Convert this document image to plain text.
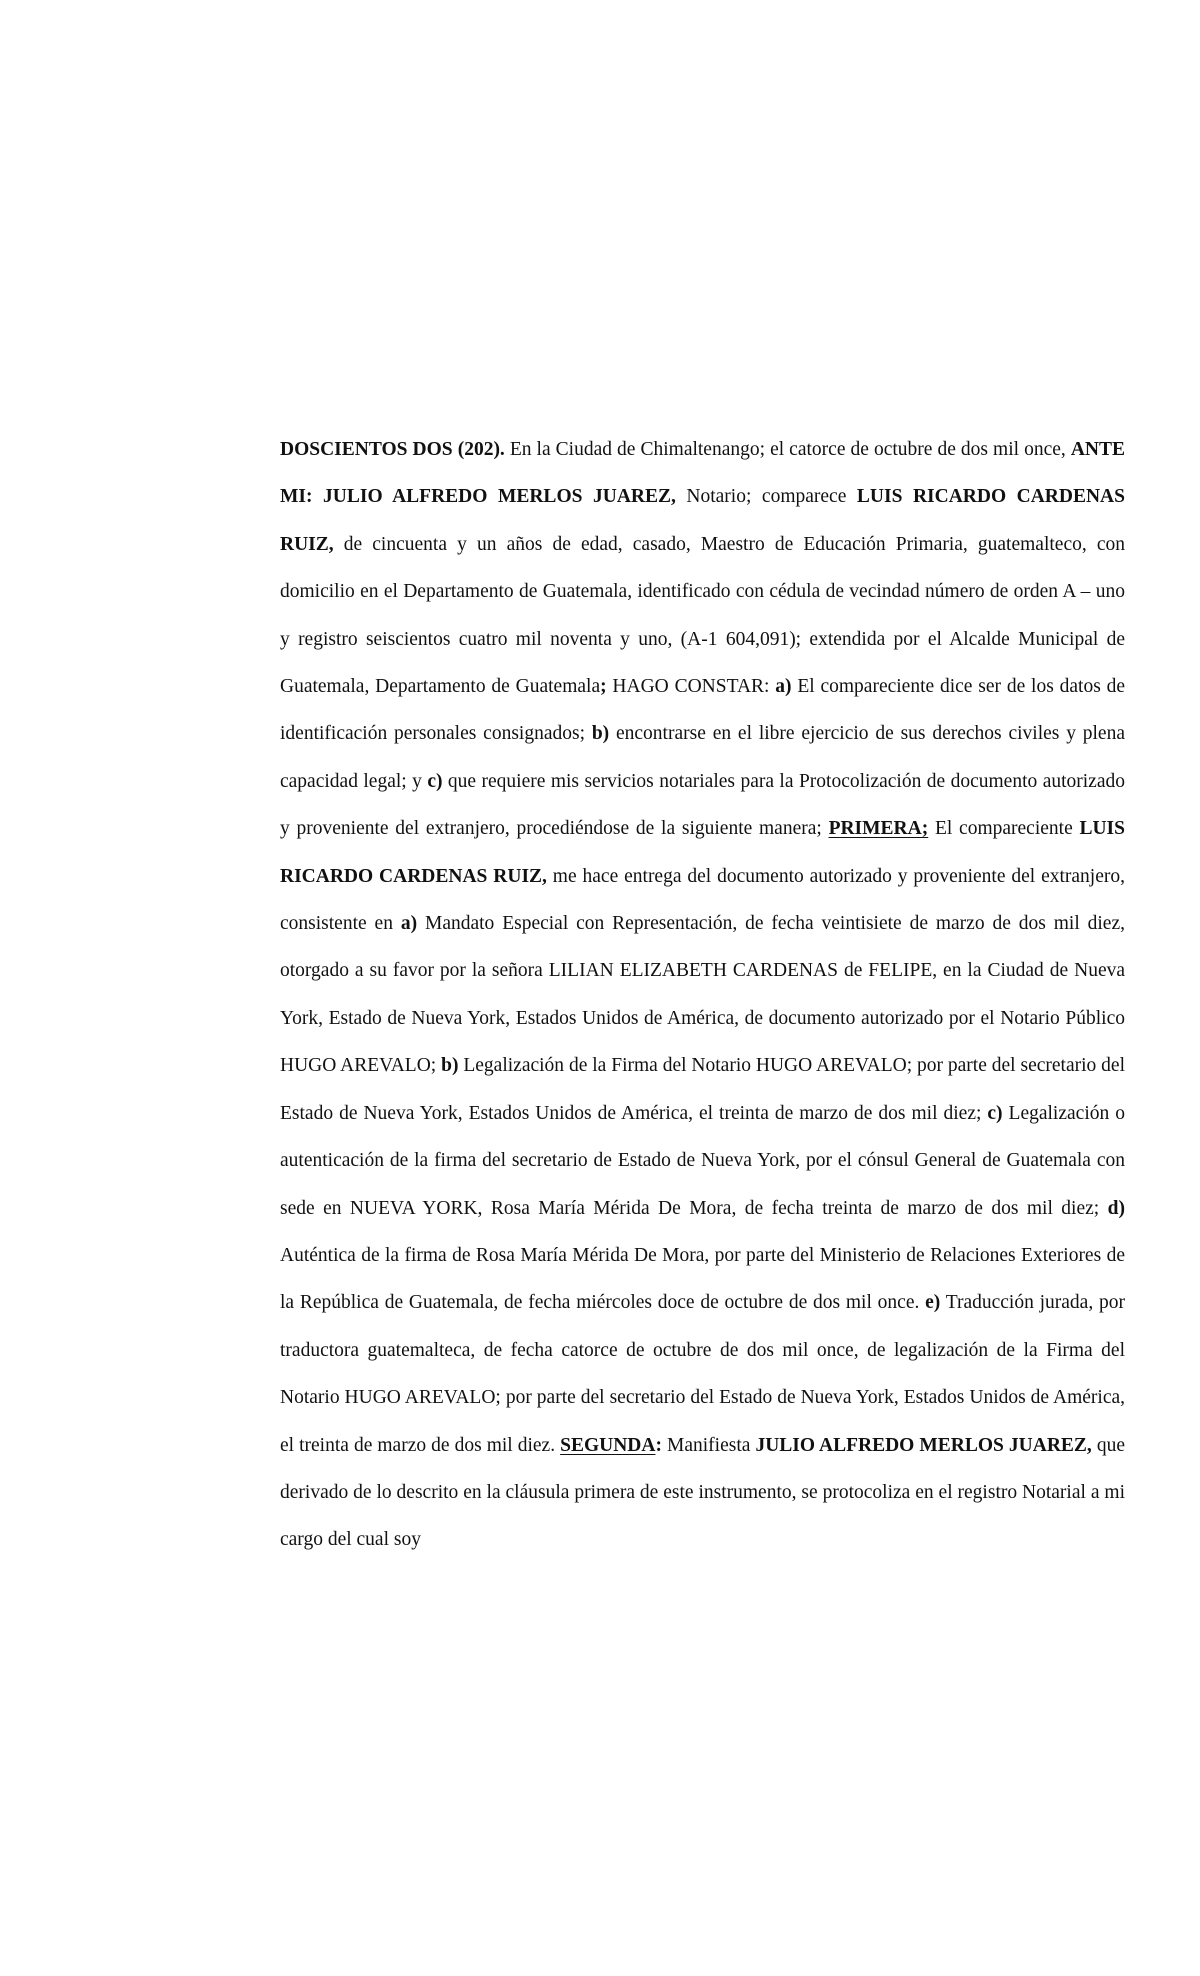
DOSCIENTOS DOS (202). En la Ciudad de Chimaltenango; el catorce de octubre de dos mil once, ANTE MI: JULIO ALFREDO MERLOS JUAREZ, Notario; comparece LUIS RICARDO CARDENAS RUIZ, de cincuenta y un años de edad, casado, Maestro de Educación Primaria, guatemalteco, con domicilio en el Departamento de Guatemala, identificado con cédula de vecindad número de orden A – uno y registro seiscientos cuatro mil noventa y uno, (A-1 604,091); extendida por el Alcalde Municipal de Guatemala, Departamento de Guatemala; HAGO CONSTAR: a) El compareciente dice ser de los datos de identificación personales consignados; b) encontrarse en el libre ejercicio de sus derechos civiles y plena capacidad legal; y c) que requiere mis servicios notariales para la Protocolización de documento autorizado y proveniente del extranjero, procediéndose de la siguiente manera; PRIMERA; El compareciente LUIS RICARDO CARDENAS RUIZ, me hace entrega del documento autorizado y proveniente del extranjero, consistente en a) Mandato Especial con Representación, de fecha veintisiete de marzo de dos mil diez, otorgado a su favor por la señora LILIAN ELIZABETH CARDENAS de FELIPE, en la Ciudad de Nueva York, Estado de Nueva York, Estados Unidos de América, de documento autorizado por el Notario Público HUGO AREVALO; b) Legalización de la Firma del Notario HUGO AREVALO; por parte del secretario del Estado de Nueva York, Estados Unidos de América, el treinta de marzo de dos mil diez; c) Legalización o autenticación de la firma del secretario de Estado de Nueva York, por el cónsul General de Guatemala con sede en NUEVA YORK, Rosa María Mérida De Mora, de fecha treinta de marzo de dos mil diez; d) Auténtica de la firma de Rosa María Mérida De Mora, por parte del Ministerio de Relaciones Exteriores de la República de Guatemala, de fecha miércoles doce de octubre de dos mil once. e) Traducción jurada, por traductora guatemalteca, de fecha catorce de octubre de dos mil once, de legalización de la Firma del Notario HUGO AREVALO; por parte del secretario del Estado de Nueva York, Estados Unidos de América, el treinta de marzo de dos mil diez. SEGUNDA: Manifiesta JULIO ALFREDO MERLOS JUAREZ, que derivado de lo descrito en la cláusula primera de este instrumento, se protocoliza en el registro Notarial a mi cargo del cual soy
